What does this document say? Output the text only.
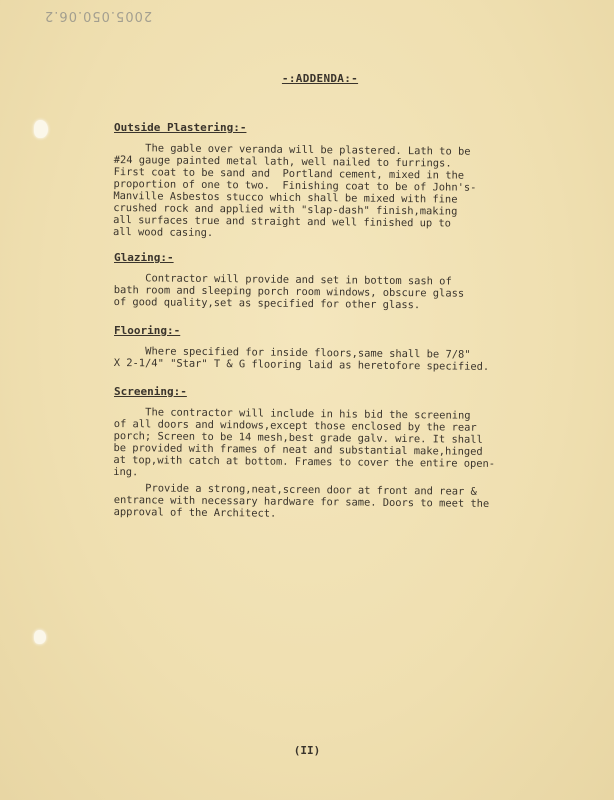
2005.050.06.2
-:ADDENDA:-
Outside Plastering:-
The gable over veranda will be plastered. Lath to be
#24 gauge painted metal lath, well nailed to furrings.
First coat to be sand and  Portland cement, mixed in the
proportion of one to two.  Finishing coat to be of John's-
Manville Asbestos stucco which shall be mixed with fine
crushed rock and applied with "slap-dash" finish,making
all surfaces true and straight and well finished up to
all wood casing.
Glazing:-
Contractor will provide and set in bottom sash of
bath room and sleeping porch room windows, obscure glass
of good quality,set as specified for other glass.
Flooring:-
Where specified for inside floors,same shall be 7/8"
X 2-1/4" "Star" T & G flooring laid as heretofore specified.
Screening:-
The contractor will include in his bid the screening
of all doors and windows,except those enclosed by the rear
porch; Screen to be 14 mesh,best grade galv. wire. It shall
be provided with frames of neat and substantial make,hinged
at top,with catch at bottom. Frames to cover the entire open-
ing.
Provide a strong,neat,screen door at front and rear &
entrance with necessary hardware for same. Doors to meet the
approval of the Architect.
(II)
